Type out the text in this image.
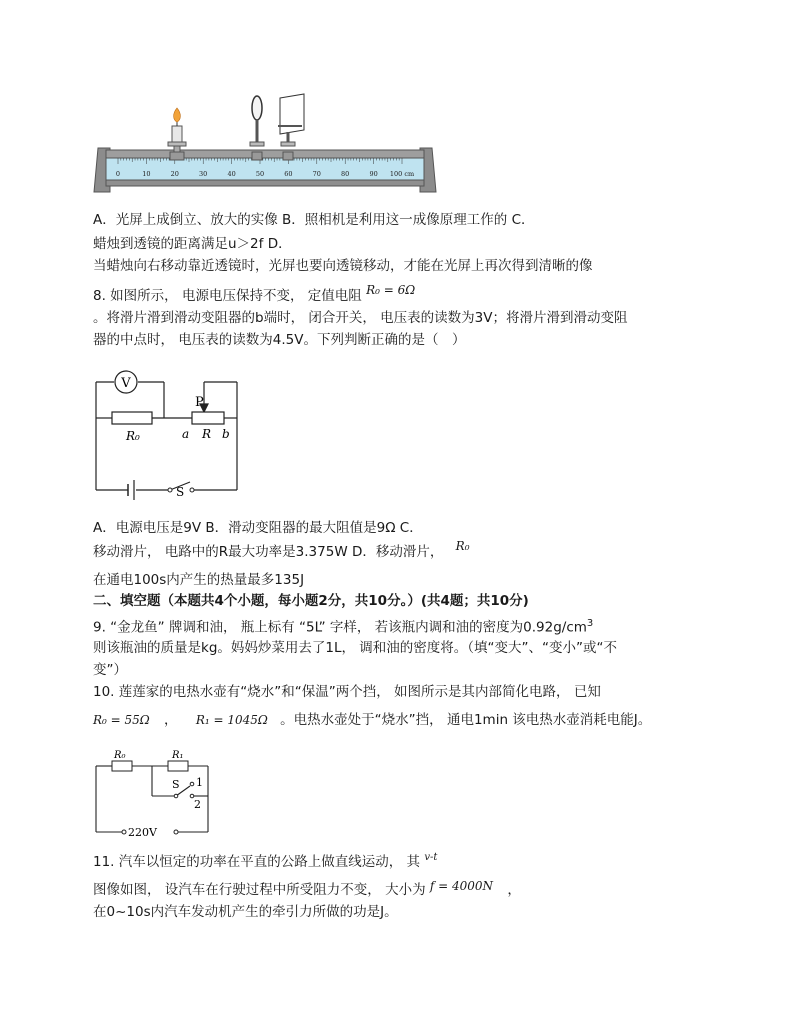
0	10	20	30	40	50	60	70	80	90 100 cm
A．光屏上成倒立、放大的实像 B．照相机是利用这一成像原理工作的 C．
蜡烛到透镜的距离满足u＞2f D．
当蜡烛向右移动靠近透镜时，光屏也要向透镜移动，才能在光屏上再次得到清晰的像
8. 如图所示， 电源电压保持不变， 定值电阻 R₀ = 6Ω
。将滑片滑到滑动变阻器的b端时， 闭合开关， 电压表的读数为3V；将滑片滑到滑动变阻
器的中点时， 电压表的读数为4.5V。下列判断正确的是（　）
V
P
R₀	a R b
S
A．电源电压是9V B．滑动变阻器的最大阻值是9Ω C．
移动滑片， 电路中的R最大功率是3.375W D．移动滑片， R₀
在通电100s内产生的热量最多135J
二、填空题（本题共4个小题，每小题2分，共10分。）(共4题；共10分)
9. “金龙鱼” 牌调和油， 瓶上标有 “5L” 字样， 若该瓶内调和油的密度为$0.92g/cm^3$
则该瓶油的质量是kg。妈妈炒菜用去了1L， 调和油的密度将。（填“变大”、“变小”或“不
变”）
10. 莲莲家的电热水壶有“烧水”和“保温”两个挡， 如图所示是其内部简化电路， 已知
R₀ = 55Ω ， R₁ = 1045Ω 。电热水壶处于“烧水”挡， 通电1min 该电热水壶消耗电能J。
R₀	R₁
S 1
2
220V
11. 汽车以恒定的功率在平直的公路上做直线运动， 其 $^{v-t}$
图像如图， 设汽车在行驶过程中所受阻力不变， 大小为 f = 4000N ，
在0~10s内汽车发动机产生的牵引力所做的功是J。
